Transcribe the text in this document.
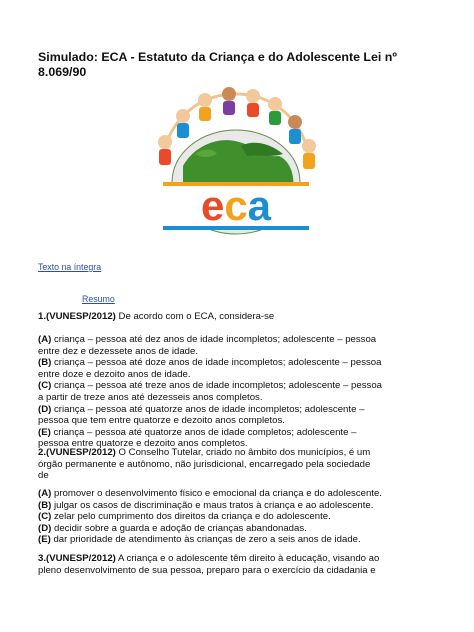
Simulado: ECA - Estatuto da Criança e do Adolescente Lei nº
8.069/90
eca
Texto na íntegra
Resumo
1.(VUNESP/2012) De acordo com o ECA, considera-se
(A) criança – pessoa até dez anos de idade incompletos; adolescente – pessoa
entre dez e dezessete anos de idade.
(B) criança – pessoa até doze anos de idade incompletos; adolescente – pessoa
entre doze e dezoito anos de idade.
(C) criança – pessoa até treze anos de idade incompletos; adolescente – pessoa
a partir de treze anos até dezesseis anos completos.
(D) criança – pessoa até quatorze anos de idade incompletos; adolescente –
pessoa que tem entre quatorze e dezoito anos completos.
(E) criança – pessoa até quatorze anos de idade completos; adolescente –
pessoa entre quatorze e dezoito anos completos.
2.(VUNESP/2012) O Conselho Tutelar, criado no âmbito dos municípios, é um
órgão permanente e autônomo, não jurisdicional, encarregado pela sociedade
de
(A) promover o desenvolvimento físico e emocional da criança e do adolescente.
(B) julgar os casos de discriminação e maus tratos à criança e ao adolescente.
(C) zelar pelo cumprimento dos direitos da criança e do adolescente.
(D) decidir sobre a guarda e adoção de crianças abandonadas.
(E) dar prioridade de atendimento às crianças de zero a seis anos de idade.
3.(VUNESP/2012) A criança e o adolescente têm direito à educação, visando ao
pleno desenvolvimento de sua pessoa, preparo para o exercício da cidadania e
